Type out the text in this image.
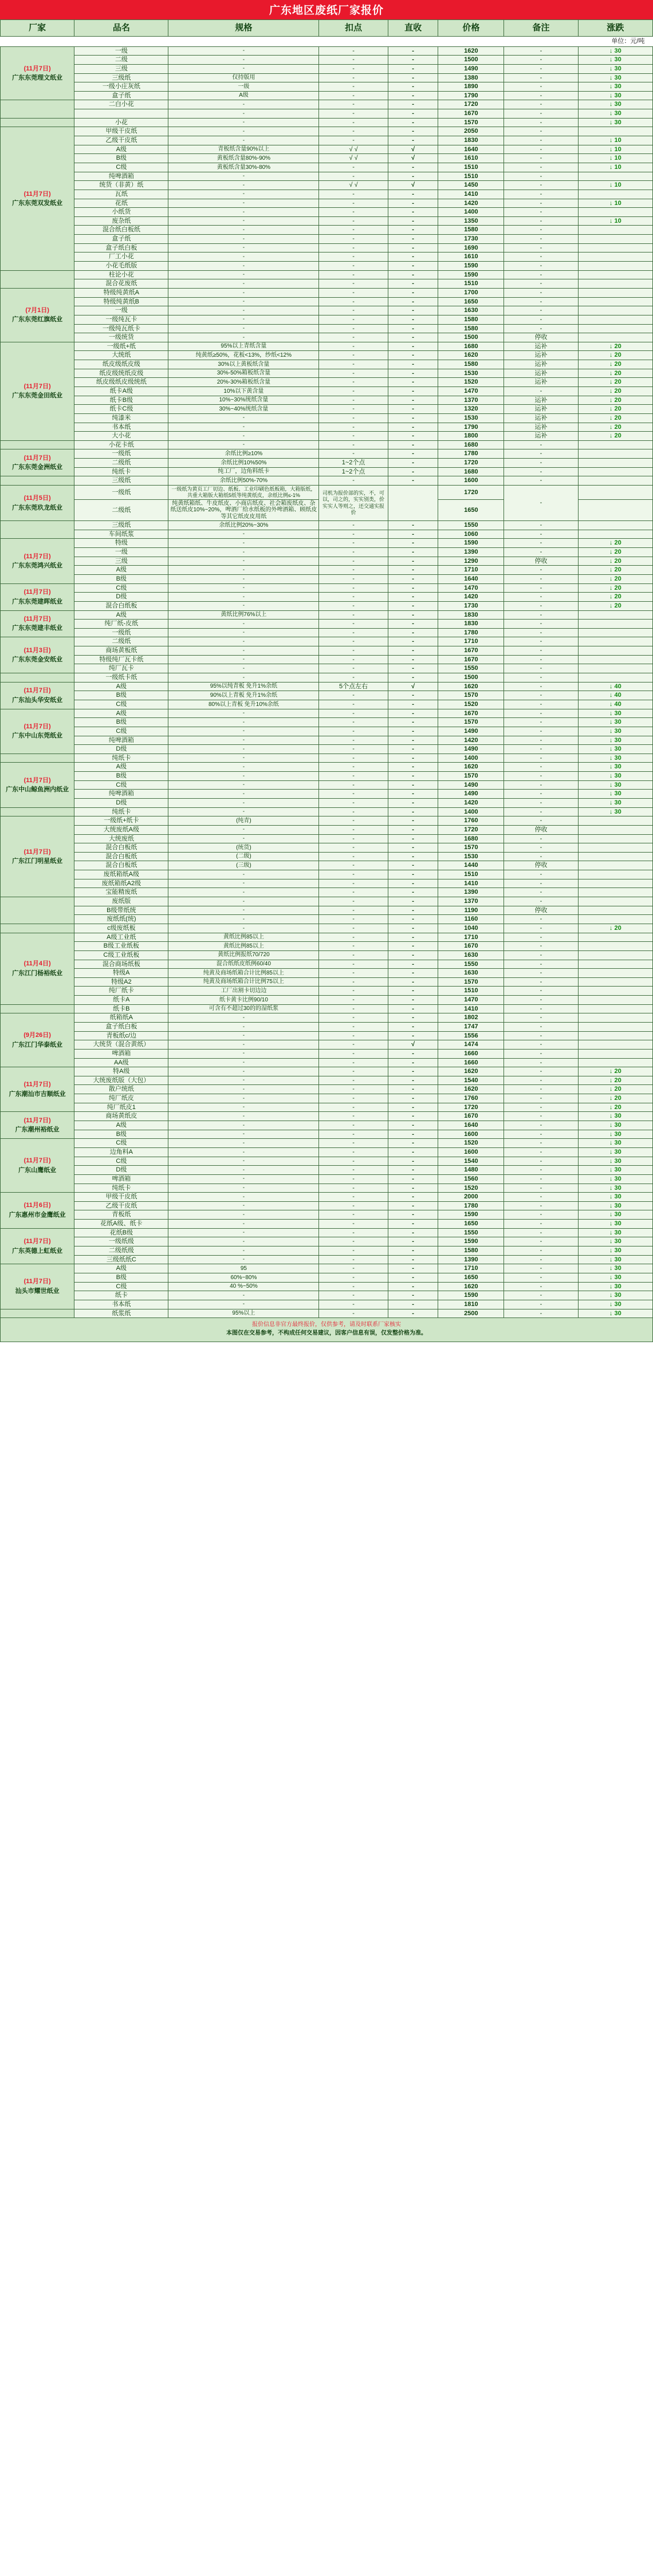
广东地区废纸厂家报价
厂家	品名	规格	扣点	直收	价格	备注	涨跌
单位：元/吨							

(11月7日)
广东东莞理文纸业	一级	-	-	-	1620	-	↓ 30
	二级	-	-	-	1500	-	↓ 30
	三级	-	-	-	1490	-	↓ 30
	三级纸	仅持版用	-	-	1380	-	↓ 30
	一级小庄灰纸	一级	-	-	1890	-	↓ 30
	盒子纸	A级	-	-	1790	-	↓ 30
	二白小花	-	-	-	1720	-	↓ 30
		-	-	-	1670	-	↓ 30
	小花	-	-	-	1570	-	↓ 30

(11月7日)
广东东莞双发纸业	甲级干皮纸	-	-	-	2050	-	
	乙级干皮纸	-	-	-	1830	-	↓ 10
	A级	青板纸含量90%以上	√ √	√	1640	-	↓ 10
	B级	黄板纸含量80%-90%	√ √	√	1610	-	↓ 10
	C级	黄板纸含量30%-80%	-	-	1510	-	↓ 10
	纯啤酒箱	-	-	-	1510	-	
	统货（非黄）纸	-	√ √	√	1450	-	↓ 10
	瓦纸	-	-	-	1410	-	
	花纸	-	-	-	1420	-	↓ 10
	小纸货	-	-	-	1400	-	
	废杂纸	-	-	-	1350	-	↓ 10
	混合纸白板纸	-	-	-	1580	-	
	盒子纸	-	-	-	1730	-	
	盒子纸白板	-	-	-	1690	-	
	厂工小花	-	-	-	1610	-	
	小花毛纸版	-	-	-	1590	-	
	柱论小花	-	-	-	1590	-	
	混合花废纸	-	-	-	1510	-	

(7月1日)
广东东莞红旗纸业	特级纯黄纸A	-	-	-	1700	-	
	特级纯黄纸B	-	-	-	1650	-	
	一级	-	-	-	1630	-	
	一级纯瓦卡	-	-	-	1580	-	
	一级纯瓦纸卡	-	-	-	1580	-	
	一级统货	-	-	-	1500	停收	

(11月7日)
广东东莞金田纸业	一级纸+纸	95%以上青纸含量	-	-	1680	运补	↓ 20
	大统纸	纯黄纸≥50%，花板<13%，纱纸<12%	-	-	1620	运补	↓ 20
	纸皮级纸皮级	30%以上黄板纸含量	-	-	1580	运补	↓ 20
	纸皮级统纸皮级	30%-50%箱板纸含量	-	-	1530	运补	↓ 20
	纸皮级纸皮级统纸	20%-30%箱板纸含量	-	-	1520	运补	↓ 20
	纸卡A级	10%以下黄含量	-	-	1470	-	↓ 20
	纸卡B级	10%~30%统纸含量	-	-	1370	运补	↓ 20
	纸卡C级	30%~40%统纸含量	-	-	1320	运补	↓ 20
	纯漆米	-	-	-	1530	运补	↓ 20
	书本纸	-	-	-	1790	运补	↓ 20
	大小花	-	-	-	1800	运补	↓ 20
	小花卡纸	-	-	-	1680	-	

(11月7日)
广东东莞金洲纸业	一级纸	余纸比例≥10%	-	-	1780	-	
	二级纸	余纸比例10%50%	1~2个点	-	1720	-	
	纯纸卡	纯工厂，边角料纸卡	1~2个点	-	1680	-	
	三级纸	余纸比例50%-70%	-	-	1600	-	

(11月5日)
广东东莞玖龙纸业	一级纸	一级纸为黄页工厂切边、纸板、工业印刷色纸板箱，大箱版纸，共重大箱版大箱纸5纸等纯黄纸皮，余纸比例≤-1%	司机为报价部的实，不，可以，司之的，实实别类，价实实人等则之，还交通实报价		1720	-	
	二级纸	纯黄纸箱纸、牛皮纸皮、小商店纸皮、社会箱废纸皮、杂纸送纸皮10%~20%，啤酒厂给水纸板的外啤酒箱、顾纸皮等其它纸皮皮用纸			1650		
	三级纸	余纸比例20%~30%	-	-	1550	-	
	车间纸浆	-	-	-	1060	-	

(11月7日)
广东东莞鸿兴纸业	特级	-	-	-	1590	-	↓ 20
	一级	-	-	-	1390	-	↓ 20
	三级	-	-	-	1290	停收	↓ 20
	A级	-	-	-	1710	-	↓ 20
	B级	-	-	-	1640	-	↓ 20

(11月7日)
广东东莞建晖纸业	C级	-	-	-	1470	-	↓ 20
	D级	-	-	-	1420	-	↓ 20
	混合白纸板	-	-	-	1730	-	↓ 20

(11月7日)
广东东莞建丰纸业	A级	黄纸比例76%以上	-	-	1830	-	
	纯厂纸-皮纸	-	-	-	1830	-	
	一级纸	-	-	-	1780	-	

(11月3日)
广东东莞金安纸业	二级纸	-	-	-	1710	-	
	商场黄板纸	-	-	-	1670	-	
	特级纯厂瓦卡纸	-	-	-	1670	-	
	纯厂瓦卡	-	-	-	1550	-	
	一级纸卡纸	-	-	-	1500	-	

(11月7日)
广东汕头华安纸业	A级	95%以纯青板 免升1%余纸	5个点左右	√	1620	-	↓ 40
	B级	90%以上青板 免升1%余纸	-	-	1570	-	↓ 40
	C级	80%以上青板 免升10%余纸	-	-	1520	-	↓ 40

(11月7日)
广东中山东莞纸业	A级	-	-	-	1670	-	↓ 30
	B级	-	-	-	1570	-	↓ 30
	C级	-	-	-	1490	-	↓ 30
	纯啤酒箱	-	-	-	1420	-	↓ 30
	D级	-	-	-	1490	-	↓ 30
	纯纸卡	-	-	-	1400	-	↓ 30

(11月7日)
广东中山鲸鱼洲内纸业	A级	-	-	-	1620	-	↓ 30
	B级	-	-	-	1570	-	↓ 30
	C级	-	-	-	1490	-	↓ 30
	纯啤酒箱	-	-	-	1490	-	↓ 30
	D级	-	-	-	1420	-	↓ 30
	纯纸卡	-	-	-	1400	-	↓ 30

(11月7日)
广东江门明星纸业	一级纸+纸卡	(纯青)	-	-	1760	-	
	大统废纸A级	-	-	-	1720	停收	
	大统废纸	-	-	-	1680	-	
	混合白板纸	(统货)	-	-	1570	-	
	混合白板纸	(二级)	-	-	1530	-	
	混合白板纸	(三级)	-	-	1440	停收	
	废纸箱纸A级	-	-	-	1510	-	
	废纸箱纸A2级	-	-	-	1410	-	
	宝能精废纸	-	-	-	1390	-	
	废纸版	-	-	-	1370	-	
	B级带纸统	-	-	-	1190	停收	
	废纸纸(统)	-	-	-	1160	-	
	c级废纸板	-	-	-	1040	-	↓ 20

(11月4日)
广东江门杨裕纸业	A级工业纸	黄纸比例85以上	-	-	1710	-	
	B级工业纸板	黄纸比例85以上	-	-	1670	-	
	C级工业纸板	黄纸比例报纸70/720	-	-	1630	-	
	混合商场纸板	混合纸纸皮纸例60/40	-	-	1550	-	
	特级A	纯黄及商场纸箱合计比例85以上	-	-	1630	-	
	特级A2	纯黄及商场纸箱合计比例75以上	-	-	1570	-	
	纯厂纸卡	工厂出割卡切边边	-	-	1510	-	
	纸卡A	纸卡黄卡比例90/10	-	-	1470	-	
	纸卡B	可含有不超过30的的湿纸浆	-	-	1410	-	

(9月26日)
广东江门华泰纸业	纸箱纸A	-	-	-	1802	-	
	盒子纸白板	-	-	-	1747	-	
	青板纸c/边	-	-	-	1556	-	
	大统货（混合黄纸）	-	-	√	1474	-	
	啤酒箱	-	-	-	1660	-	
	AA级	-	-	-	1660	-	

(11月7日)
广东潮汕市吉顺纸业	特A级	-	-	-	1620	-	↓ 20
	大统废纸版（大包）	-	-	-	1540	-	↓ 20
	散户统纸	-	-	-	1620	-	↓ 20
	纯厂纸皮	-	-	-	1760	-	↓ 20
	纯厂纸皮1	-	-	-	1720	-	↓ 20

(11月7日)
广东潮州裕纸业	商场黄纸皮	-	-	-	1670	-	↓ 30
	A级	-	-	-	1640	-	↓ 30
	B级	-	-	-	1600	-	↓ 30

(11月7日)
广东山鹰纸业	C级	-	-	-	1520	-	↓ 30
	边角料A	-	-	-	1600	-	↓ 30
	C级	-	-	-	1540	-	↓ 30
	D级	-	-	-	1480	-	↓ 30
	啤酒箱	-	-	-	1560	-	↓ 30
	纯纸卡	-	-	-	1520	-	↓ 30

(11月6日)
广东惠州市金鹰纸业	甲级干皮纸	-	-	-	2000	-	↓ 30
	乙级干皮纸	-	-	-	1780	-	↓ 30
	青板纸	-	-	-	1590	-	↓ 30
	花纸A级、纸卡	-	-	-	1650	-	↓ 30

(11月7日)
广东英德上虹纸业	花纸B级	-	-	-	1550	-	↓ 30
	一级纸级	-	-	-	1590	-	↓ 30
	二级纸级	-	-	-	1580	-	↓ 30
	三级纸纸C	-	-	-	1390	-	↓ 30

(11月7日)
汕头市耀世纸业	A级	95	-	-	1710	-	↓ 30
	B级	60%~80%	-	-	1650	-	↓ 30
	C级	40 %~50%	-	-	1620	-	↓ 30
	纸卡	-	-	-	1590	-	↓ 30
	书本纸	-	-	-	1810	-	↓ 30
	纸浆纸	95%以上	-	-	2500	-	↓ 30
报价信息非官方最终报价，仅供参考，请及时联系厂家核实
本图仅在交易参考，不构成任何交易建议，因客户信息有误，仅发整价格为准。
